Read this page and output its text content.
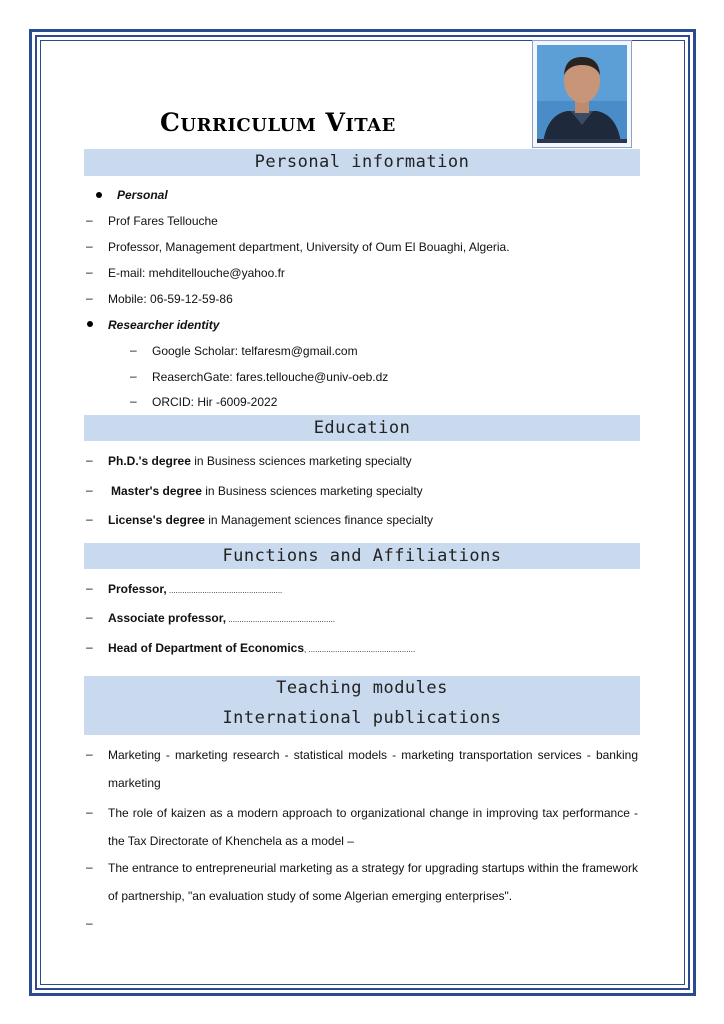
Curriculum Vitae
Personal information
Personal
– Prof Fares Tellouche
– Professor, Management department, University of Oum El Bouaghi, Algeria.
– E-mail: mehditellouche@yahoo.fr
– Mobile: 06-59-12-59-86
Researcher identity
– Google Scholar: telfaresm@gmail.com
– ReaserchGate: fares.tellouche@univ-oeb.dz
– ORCID: Hir -6009-2022
Education
– Ph.D.'s degree in Business sciences marketing specialty
– Master's degree in Business sciences marketing specialty
– License's degree in Management sciences finance specialty
Functions and Affiliations
– Professor, ...................................................
– Associate professor, ................................................
– Head of Department of Economics, ................................................
Teaching modules
International publications
– Marketing - marketing research - statistical models - marketing transportation services - banking marketing
– The role of kaizen as a modern approach to organizational change in improving tax performance - the Tax Directorate of Khenchela as a model –
– The entrance to entrepreneurial marketing as a strategy for upgrading startups within the framework of partnership, "an evaluation study of some Algerian emerging enterprises".
–
